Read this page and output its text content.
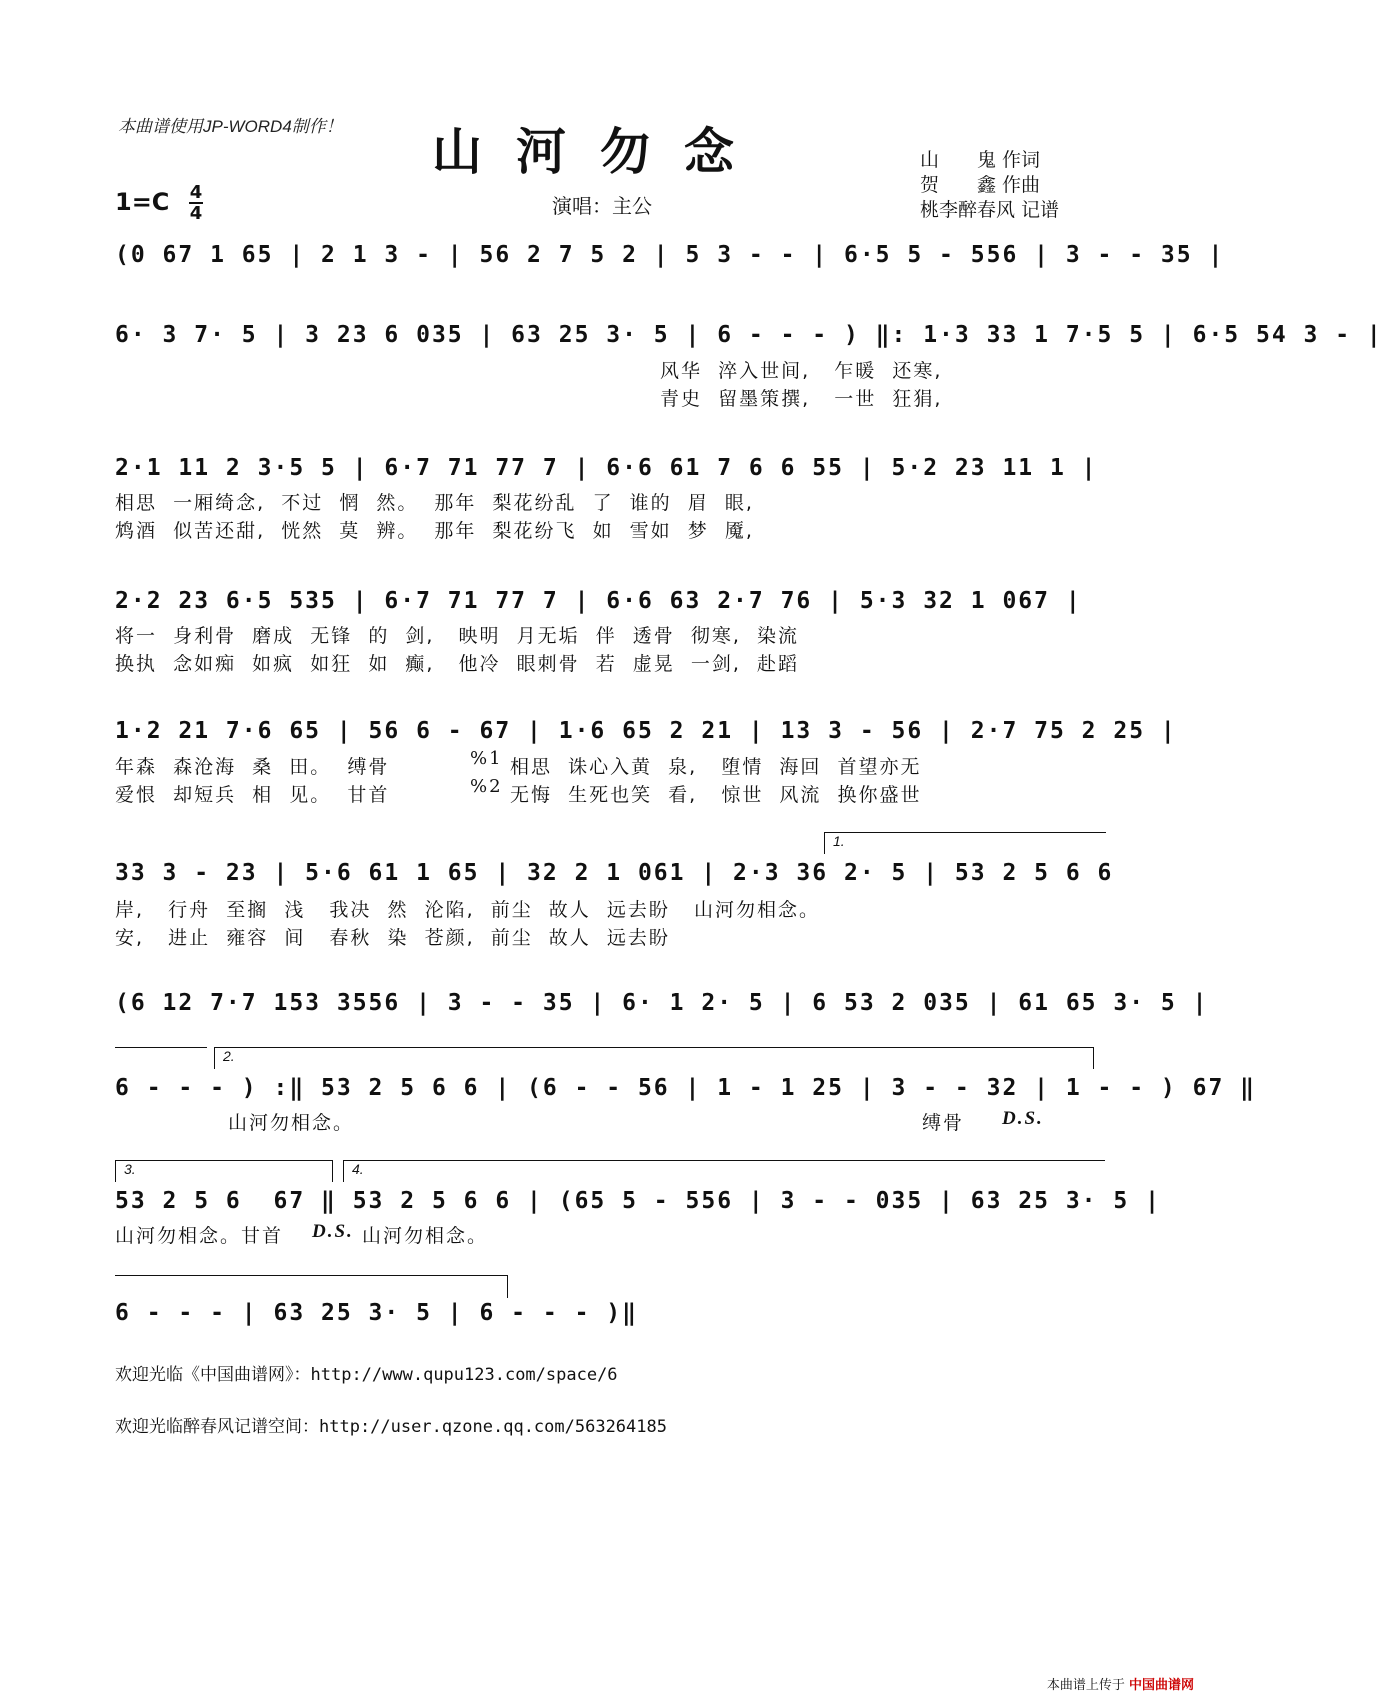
本曲谱使用JP-WORD4制作！	山河勿念	山　　鬼 作词
贺　　鑫 作曲
桃李醉春风 记谱
1=C 4
4	演唱：主公
(0 67 1 65 | 2 1 3 - | 56 2 7 5 2 | 5 3 - - | 6·5 5 - 556 | 3 - - 35 |
6· 3 7· 5 | 3 23 6 035 | 63 25 3· 5 | 6 - - - ) ‖: 1·3 33 1 7·5 5 | 6·5 54 3 - |
风华  淬入世间,   乍暖  还寒,
青史  留墨策撰,   一世  狂狷,
2·1 11 2 3·5 5 | 6·7 71 77 7 | 6·6 61 7 6 6 55 | 5·2 23 11 1 |
相思  一厢绮念,  不过  惘  然。  那年  梨花纷乱  了  谁的  眉  眼,
鸩酒  似苦还甜,  恍然  莫  辨。  那年  梨花纷飞  如  雪如  梦  魇,
2·2 23 6·5 535 | 6·7 71 77 7 | 6·6 63 2·7 76 | 5·3 32 1 067 |
将一  身利骨  磨成  无锋  的  剑,   映明  月无垢  伴  透骨  彻寒,  染流
换执  念如痴  如疯  如狂  如  癫,   他冷  眼刺骨  若  虚晃  一剑,  赴蹈
1·2 21 7·6 65 | 56 6 - 67 | 1·6 65 2 21 | 13 3 - 56 | 2·7 75 2 25 |
年森  森沧海  桑  田。  缚骨	%1 相思  诛心入黄  泉,   堕情  海回  首望亦无
爱恨  却短兵  相  见。  甘首	%2 无悔  生死也笑  看,   惊世  风流  换你盛世
1.
33 3 - 23 | 5·6 61 1 65 | 32 2 1 061 | 2·3 36 2· 5 | 53 2 5 6 6
岸,   行舟  至搁  浅   我决  然  沦陷,  前尘  故人  远去盼   山河勿相念。
安,   进止  雍容  间   春秋  染  苍颜,  前尘  故人  远去盼
(6 12 7·7 153 3556 | 3 - - 35 | 6· 1 2· 5 | 6 53 2 035 | 61 65 3· 5 |
2.
6 - - - ) :‖ 53 2 5 6 6 | (6 - - 56 | 1 - 1 25 | 3 - - 32 | 1 - - ) 67 ‖
山河勿相念。	缚骨	D.S.
3.	4.
53 2 5 6  67 ‖ 53 2 5 6 6 | (65 5 - 556 | 3 - - 035 | 63 25 3· 5 |
山河勿相念。甘首	D.S. 山河勿相念。
6 - - - | 63 25 3· 5 | 6 - - - )‖
欢迎光临《中国曲谱网》：http://www.qupu123.com/space/6
欢迎光临醉春风记谱空间：http://user.qzone.qq.com/563264185
本曲谱上传于 中国曲谱网
